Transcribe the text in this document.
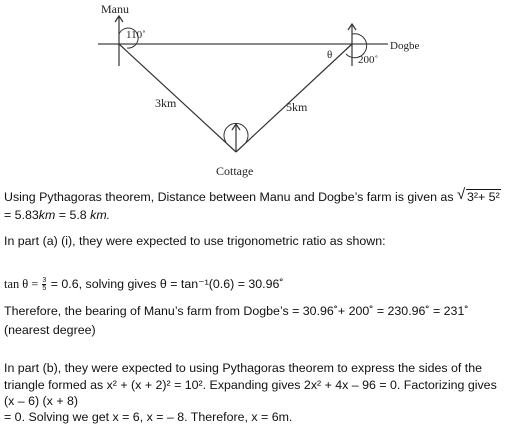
Manu
Dogbe
Cottage
110˚
200˚
θ
3km	5km
Using Pythagoras theorem, Distance between Manu and Dogbe’s farm is given as √ 3²+ 5²
= 5.83km = 5.8 km.
In part (a) (i), they were expected to use trigonometric ratio as shown:
$\tan \theta = \frac{3}{5} = 0.6$, solving gives θ = tan⁻¹(0.6) = 30.96˚
Therefore, the bearing of Manu’s farm from Dogbe’s = 30.96˚+ 200˚ = 230.96˚ = 231˚
(nearest degree)
In part (b), they were expected to using Pythagoras theorem to express the sides of the
triangle formed as x² + (x + 2)² = 10². Expanding gives 2x² + 4x – 96 = 0. Factorizing gives
(x – 6) (x + 8)
= 0. Solving we get x = 6, x = – 8. Therefore, x = 6m.
